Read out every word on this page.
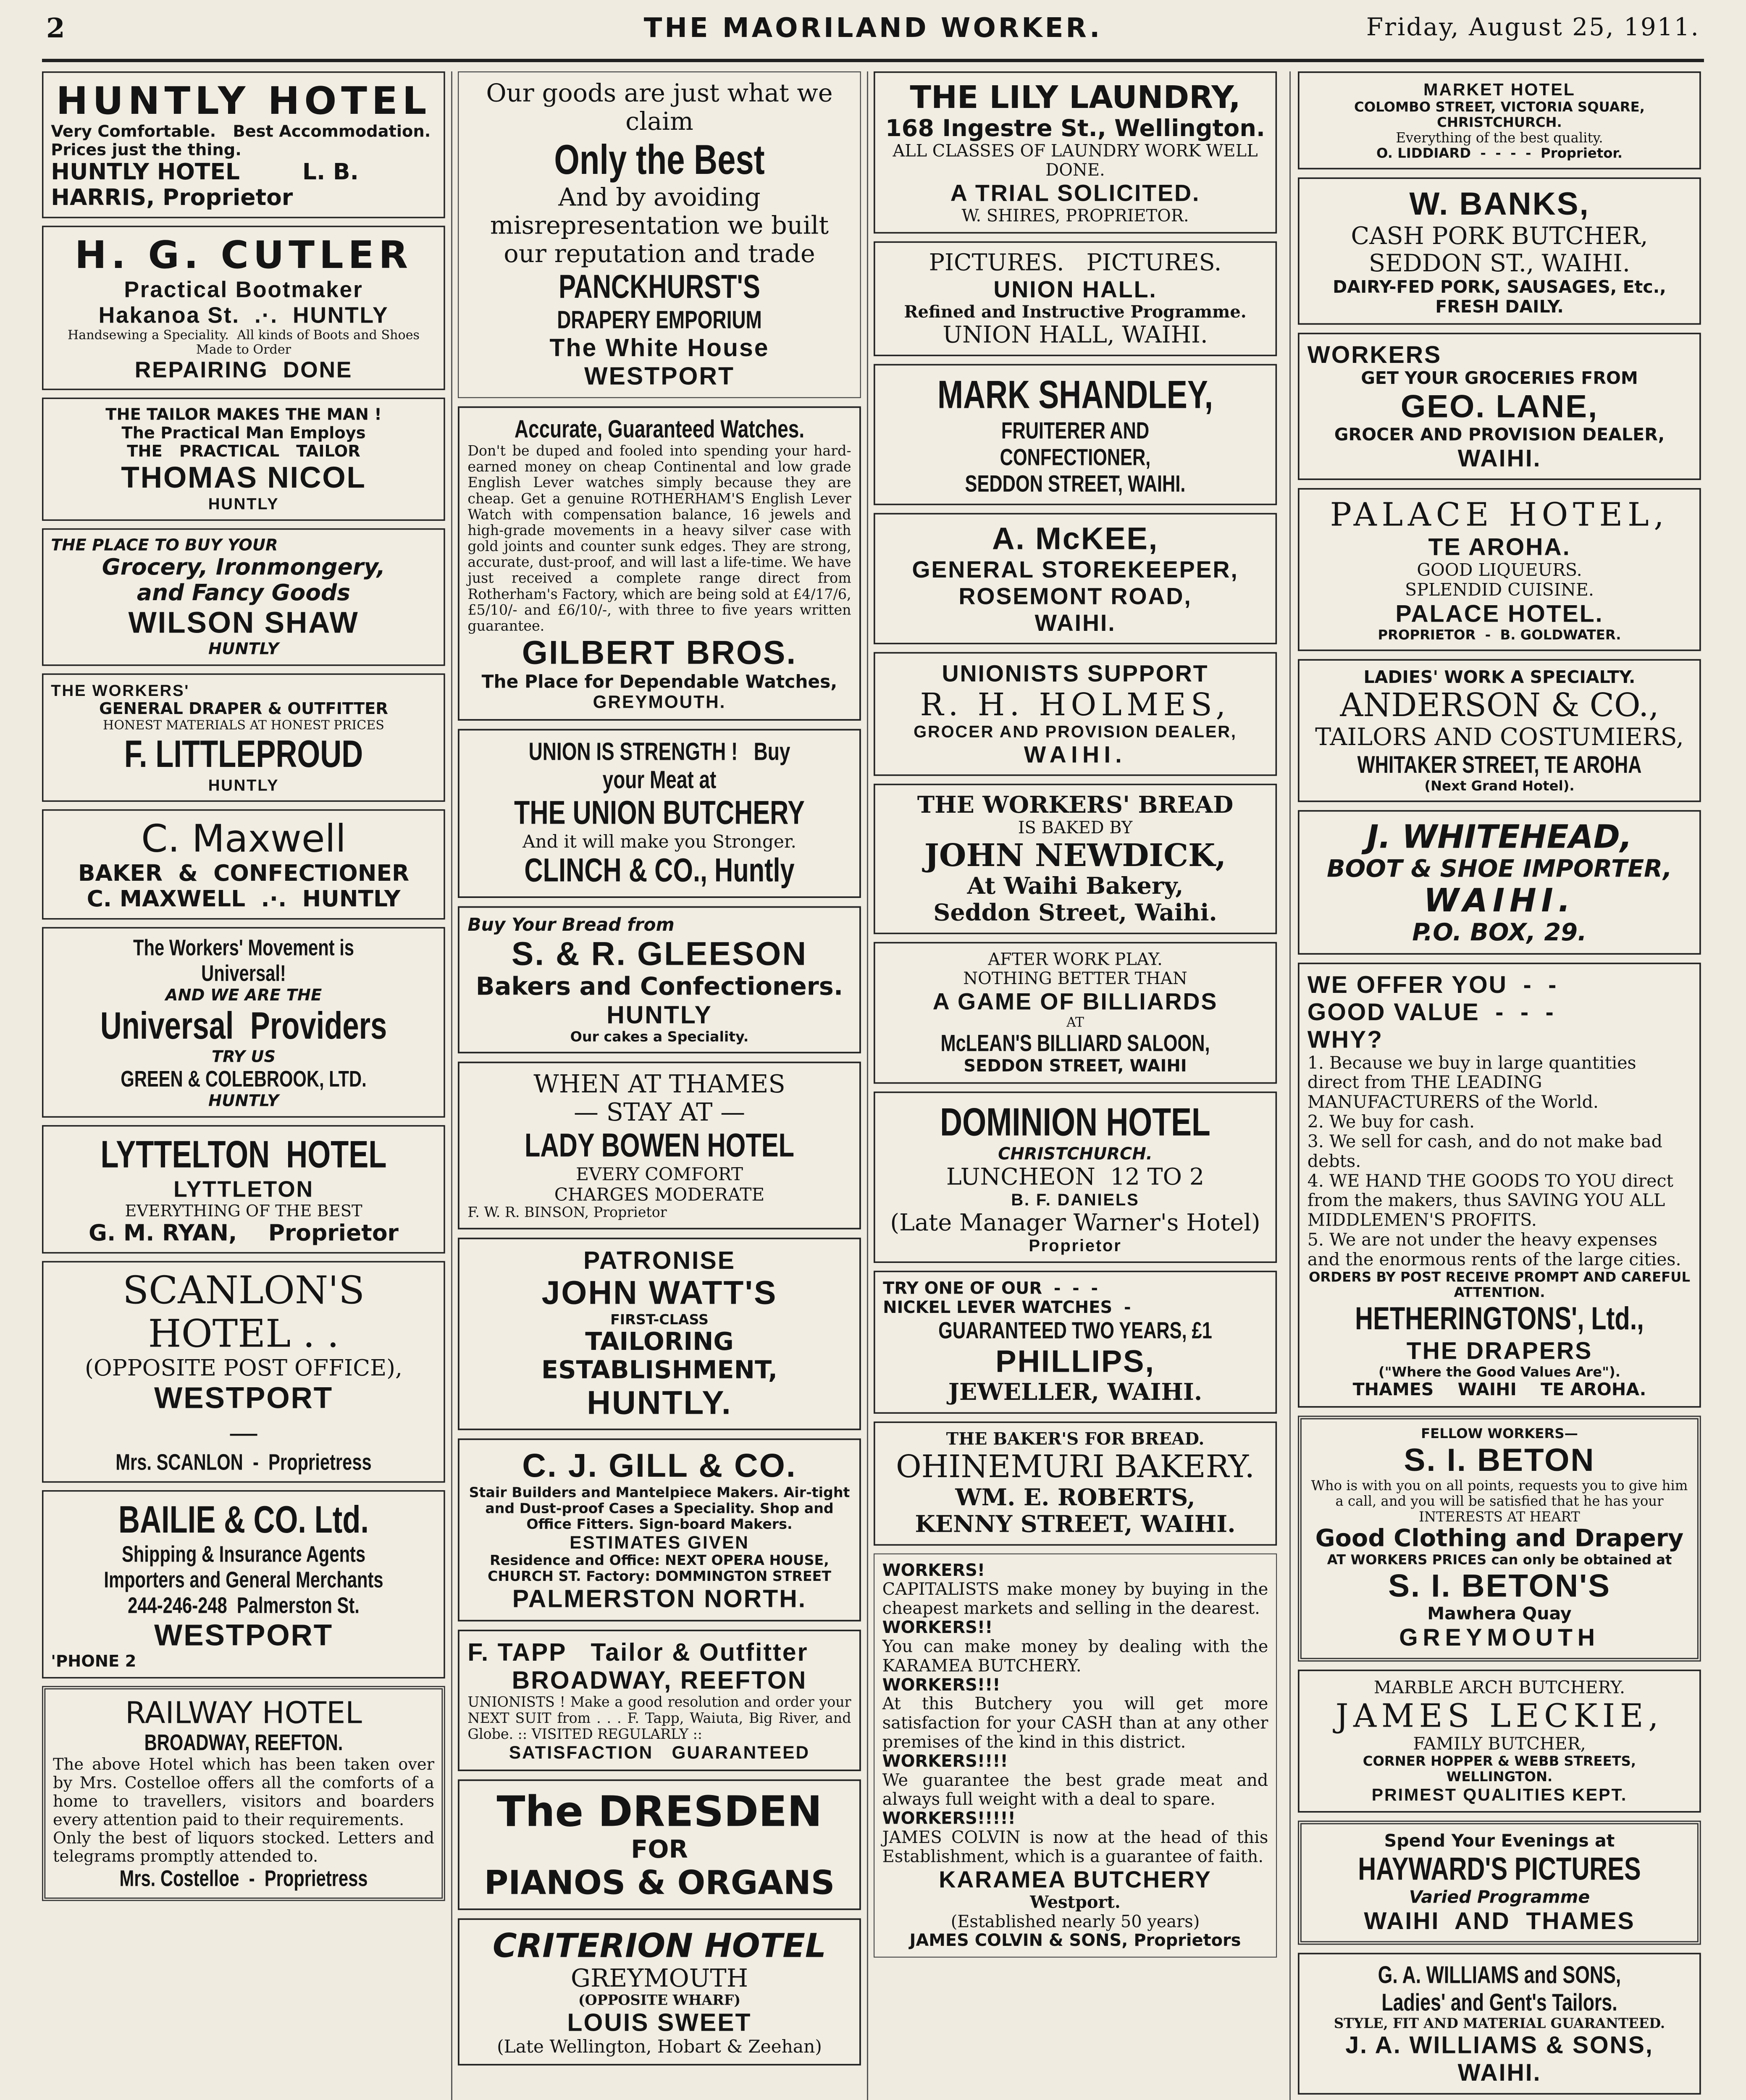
2	THE MAORILAND WORKER.	Friday, August 25, 1911.
HUNTLY HOTEL
Very Comfortable.   Best Accommodation.   Prices just the thing.
HUNTLY HOTEL        L. B. HARRIS, Proprietor
H. G. CUTLER
Practical Bootmaker
Hakanoa St.  .·.  HUNTLY
Handsewing a Speciality.  All kinds of Boots and Shoes Made to Order
REPAIRING  DONE
THE TAILOR MAKES THE MAN !
The Practical Man Employs
THE   PRACTICAL   TAILOR
THOMAS NICOL
HUNTLY
THE PLACE TO BUY YOUR
Grocery, Ironmongery,
and Fancy Goods
WILSON SHAW
HUNTLY
THE WORKERS'
GENERAL DRAPER & OUTFITTER
HONEST MATERIALS AT HONEST PRICES
F. LITTLEPROUD
HUNTLY
C. Maxwell
BAKER  &  CONFECTIONER
C. MAXWELL  .·.  HUNTLY
The Workers' Movement is Universal!
AND WE ARE THE
Universal  Providers
TRY US
GREEN & COLEBROOK, LTD.
HUNTLY
LYTTELTON  HOTEL
LYTTLETON
EVERYTHING OF THE BEST
G. M. RYAN,    Proprietor
SCANLON'S
HOTEL . .
(OPPOSITE POST OFFICE),
WESTPORT
—
Mrs. SCANLON  -  Proprietress
BAILIE & CO. Ltd.
Shipping & Insurance Agents
Importers and General Merchants
244-246-248  Palmerston St.
WESTPORT
'PHONE 2
RAILWAY HOTEL
BROADWAY, REEFTON.
The above Hotel which has been taken over by Mrs. Costelloe offers all the comforts of a home to travellers, visitors and boarders every attention paid to their requirements.
Only the best of liquors stocked. Letters and telegrams promptly attended to.
Mrs. Costelloe  -  Proprietress
Our goods are just what we claim
Only the Best
And by avoiding misrepresentation we built our reputation and trade
PANCKHURST'S
DRAPERY EMPORIUM
The White House
WESTPORT
Accurate, Guaranteed Watches.
Don't be duped and fooled into spending your hard-earned money on cheap Continental and low grade English Lever watches simply because they are cheap. Get a genuine ROTHERHAM'S English Lever Watch with compensation balance, 16 jewels and high-grade movements in a heavy silver case with gold joints and counter sunk edges. They are strong, accurate, dust-proof, and will last a life-time. We have just received a complete range direct from Rotherham's Factory, which are being sold at £4/17/6, £5/10/- and £6/10/-, with three to five years written guarantee.
GILBERT BROS.
The Place for Dependable Watches,
GREYMOUTH.
UNION IS STRENGTH !   Buy your Meat at
THE UNION BUTCHERY
And it will make you Stronger.
CLINCH & CO., Huntly
Buy Your Bread from
S. & R. GLEESON
Bakers and Confectioners.
HUNTLY
Our cakes a Speciality.
WHEN AT THAMES
— STAY AT —
LADY BOWEN HOTEL
EVERY COMFORT
CHARGES MODERATE
F. W. R. BINSON, Proprietor
PATRONISE
JOHN WATT'S
FIRST-CLASS
TAILORING ESTABLISHMENT,
HUNTLY.
C. J. GILL & CO.
Stair Builders and Mantelpiece Makers. Air-tight and Dust-proof Cases a Speciality. Shop and Office Fitters. Sign-board Makers.
ESTIMATES GIVEN
Residence and Office: NEXT OPERA HOUSE, CHURCH ST. Factory: DOMMINGTON STREET
PALMERSTON NORTH.
F. TAPP   Tailor & Outfitter
BROADWAY, REEFTON
UNIONISTS ! Make a good resolution and order your NEXT SUIT from . . . F. Tapp, Waiuta, Big River, and Globe. :: VISITED REGULARLY ::
SATISFACTION   GUARANTEED
The DRESDEN
FOR
PIANOS & ORGANS
CRITERION HOTEL
GREYMOUTH
(OPPOSITE WHARF)
LOUIS SWEET
(Late Wellington, Hobart & Zeehan)
THE LILY LAUNDRY,
168 Ingestre St., Wellington.
ALL CLASSES OF LAUNDRY WORK WELL DONE.
A TRIAL SOLICITED.
W. SHIRES, PROPRIETOR.
PICTURES.   PICTURES.
UNION HALL.
Refined and Instructive Programme.
UNION HALL, WAIHI.
MARK SHANDLEY,
FRUITERER AND CONFECTIONER,
SEDDON STREET, WAIHI.
A. McKEE,
GENERAL STOREKEEPER,
ROSEMONT ROAD,
WAIHI.
UNIONISTS SUPPORT
R. H. HOLMES,
GROCER AND PROVISION DEALER,
WAIHI.
THE WORKERS' BREAD
IS BAKED BY
JOHN NEWDICK,
At Waihi Bakery,
Seddon Street, Waihi.
AFTER WORK PLAY.
NOTHING BETTER THAN
A GAME OF BILLIARDS
AT
McLEAN'S BILLIARD SALOON,
SEDDON STREET, WAIHI
DOMINION HOTEL
CHRISTCHURCH.
LUNCHEON  12 TO 2
B. F. DANIELS
(Late Manager Warner's Hotel)
Proprietor
TRY ONE OF OUR  -  -  -
NICKEL LEVER WATCHES  -
GUARANTEED TWO YEARS, £1
PHILLIPS,
JEWELLER, WAIHI.
THE BAKER'S FOR BREAD.
OHINEMURI BAKERY.
WM. E. ROBERTS,
KENNY STREET, WAIHI.
WORKERS!
CAPITALISTS make money by buying in the cheapest markets and selling in the dearest.
WORKERS!!
You can make money by dealing with the KARAMEA BUTCHERY.
WORKERS!!!
At this Butchery you will get more satisfaction for your CASH than at any other premises of the kind in this district.
WORKERS!!!!
We guarantee the best grade meat and always full weight with a deal to spare.
WORKERS!!!!!
JAMES COLVIN is now at the head of this Establishment, which is a guarantee of faith.
KARAMEA BUTCHERY
Westport.
(Established nearly 50 years)
JAMES COLVIN & SONS, Proprietors
MARKET HOTEL
COLOMBO STREET, VICTORIA SQUARE, CHRISTCHURCH.
Everything of the best quality.
O. LIDDIARD  -  -  -  -  Proprietor.
W. BANKS,
CASH PORK BUTCHER,
SEDDON ST., WAIHI.
DAIRY-FED PORK, SAUSAGES, Etc., FRESH DAILY.
WORKERS
GET YOUR GROCERIES FROM
GEO. LANE,
GROCER AND PROVISION DEALER,
WAIHI.
PALACE HOTEL,
TE AROHA.
GOOD LIQUEURS.
SPLENDID CUISINE.
PALACE HOTEL.
PROPRIETOR  -  B. GOLDWATER.
LADIES' WORK A SPECIALTY.
ANDERSON & CO.,
TAILORS AND COSTUMIERS,
WHITAKER STREET, TE AROHA
(Next Grand Hotel).
J. WHITEHEAD,
BOOT & SHOE IMPORTER,
WAIHI.
P.O. BOX, 29.
WE OFFER YOU  -  -
GOOD VALUE  -  -  -
WHY?
1. Because we buy in large quantities direct from THE LEADING MANUFACTURERS of the World.
2. We buy for cash.
3. We sell for cash, and do not make bad debts.
4. WE HAND THE GOODS TO YOU direct from the makers, thus SAVING YOU ALL MIDDLEMEN'S PROFITS.
5. We are not under the heavy expenses and the enormous rents of the large cities.
ORDERS BY POST RECEIVE PROMPT AND CAREFUL ATTENTION.
HETHERINGTONS', Ltd.,
THE DRAPERS
("Where the Good Values Are").
THAMES    WAIHI    TE AROHA.
FELLOW WORKERS—
S. I. BETON
Who is with you on all points, requests you to give him a call, and you will be satisfied that he has your INTERESTS AT HEART
Good Clothing and Drapery
AT WORKERS PRICES can only be obtained at
S. I. BETON'S
Mawhera Quay
GREYMOUTH
MARBLE ARCH BUTCHERY.
JAMES LECKIE,
FAMILY BUTCHER,
CORNER HOPPER & WEBB STREETS,
WELLINGTON.
PRIMEST QUALITIES KEPT.
Spend Your Evenings at
HAYWARD'S PICTURES
Varied Programme
WAIHI  AND  THAMES
G. A. WILLIAMS and SONS,
Ladies' and Gent's Tailors.
STYLE, FIT AND MATERIAL GUARANTEED.
J. A. WILLIAMS & SONS,
WAIHI.
